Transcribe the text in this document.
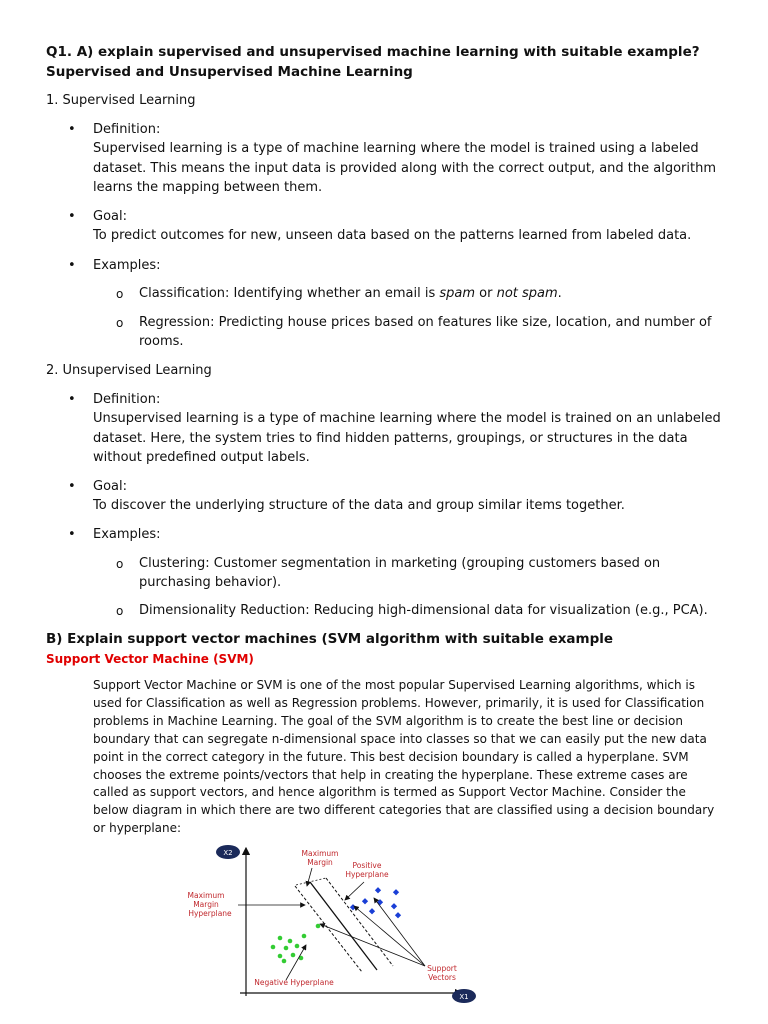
Q1. A) explain supervised and unsupervised machine learning with suitable example?
Supervised and Unsupervised Machine Learning
1. Supervised Learning
• Definition:
Supervised learning is a type of machine learning where the model is trained using a labeled dataset. This means the input data is provided along with the correct output, and the algorithm learns the mapping between them.
• Goal:
To predict outcomes for new, unseen data based on the patterns learned from labeled data.
• Examples:
o Classification: Identifying whether an email is spam or not spam.
o Regression: Predicting house prices based on features like size, location, and number of rooms.
2. Unsupervised Learning
• Definition:
Unsupervised learning is a type of machine learning where the model is trained on an unlabeled dataset. Here, the system tries to find hidden patterns, groupings, or structures in the data without predefined output labels.
• Goal:
To discover the underlying structure of the data and group similar items together.
• Examples:
o Clustering: Customer segmentation in marketing (grouping customers based on purchasing behavior).
o Dimensionality Reduction: Reducing high-dimensional data for visualization (e.g., PCA).
B) Explain support vector machines (SVM algorithm with suitable example
Support Vector Machine (SVM)
Support Vector Machine or SVM is one of the most popular Supervised Learning algorithms, which is used for Classification as well as Regression problems. However, primarily, it is used for Classification problems in Machine Learning. The goal of the SVM algorithm is to create the best line or decision boundary that can segregate n-dimensional space into classes so that we can easily put the new data point in the correct category in the future. This best decision boundary is called a hyperplane. SVM chooses the extreme points/vectors that help in creating the hyperplane. These extreme cases are called as support vectors, and hence algorithm is termed as Support Vector Machine. Consider the below diagram in which there are two different categories that are classified using a decision boundary or hyperplane:
X2
X1
Maximum
Margin	Positive
Hyperplane
Maximum
Margin
Hyperplane
Negative Hyperplane
Support
Vectors
